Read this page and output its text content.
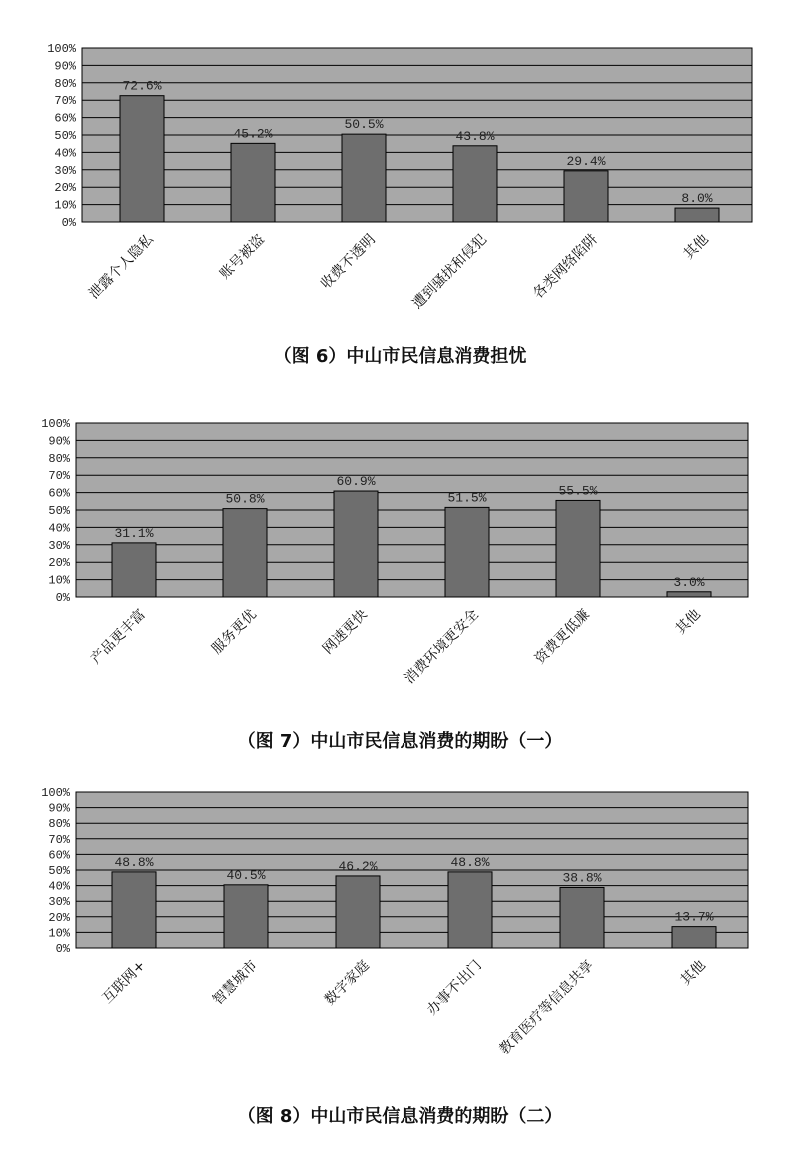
0%
10%
20%
30%
40%
50%
60%
70%
80%
90%
100%
72.6%
泄露个人隐私
45.2%
账号被盗
50.5%
收费不透明
43.8%
遭到骚扰和侵犯
29.4%
各类网络陷阱
8.0%
其他
（图 6）中山市民信息消费担忧
0%
10%
20%
30%
40%
50%
60%
70%
80%
90%
100%
31.1%
产品更丰富
50.8%
服务更优
60.9%
网速更快
51.5%
消费环境更安全
55.5%
资费更低廉
3.0%
其他
（图 7）中山市民信息消费的期盼（一）
0%
10%
20%
30%
40%
50%
60%
70%
80%
90%
100%
48.8%
互联网+
40.5%
智慧城市
46.2%
数字家庭
48.8%
办事不出门
38.8%
教育医疗等信息共享
13.7%
其他
（图 8）中山市民信息消费的期盼（二）
